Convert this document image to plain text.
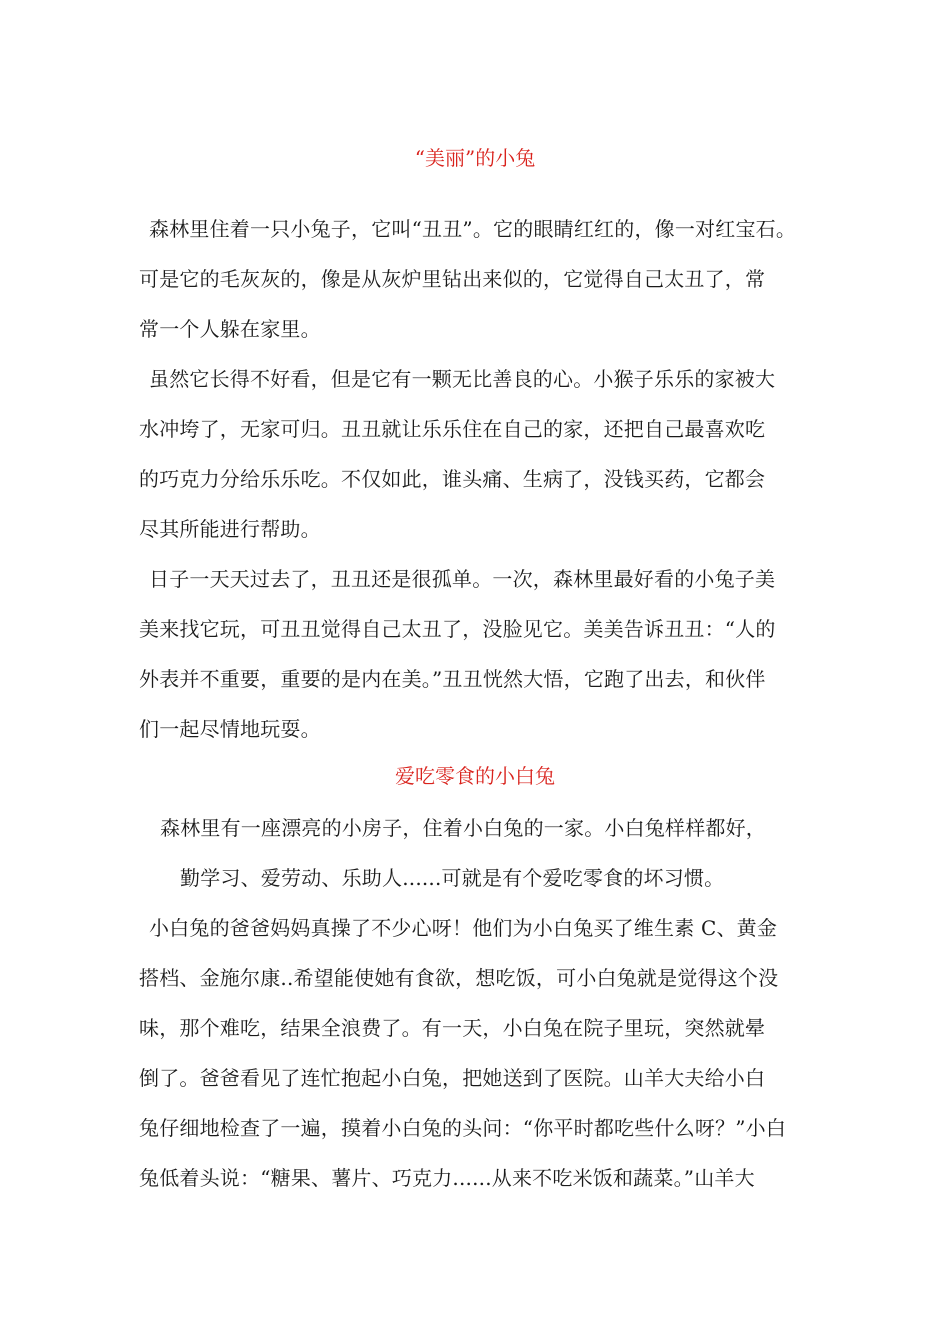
“美丽”的小兔
森林里住着一只小兔子，它叫“丑丑”。它的眼睛红红的，像一对红宝石。
可是它的毛灰灰的，像是从灰炉里钻出来似的，它觉得自己太丑了，常
常一个人躲在家里。
虽然它长得不好看，但是它有一颗无比善良的心。小猴子乐乐的家被大
水冲垮了，无家可归。丑丑就让乐乐住在自己的家，还把自己最喜欢吃
的巧克力分给乐乐吃。不仅如此，谁头痛、生病了，没钱买药，它都会
尽其所能进行帮助。
日子一天天过去了，丑丑还是很孤单。一次，森林里最好看的小兔子美
美来找它玩，可丑丑觉得自己太丑了，没脸见它。美美告诉丑丑：“人的
外表并不重要，重要的是内在美。”丑丑恍然大悟，它跑了出去，和伙伴
们一起尽情地玩耍。
爱吃零食的小白兔
森林里有一座漂亮的小房子，住着小白兔的一家。小白兔样样都好，
勤学习、爱劳动、乐助人......可就是有个爱吃零食的坏习惯。
小白兔的爸爸妈妈真操了不少心呀！他们为小白兔买了维生素 C、黄金
搭档、金施尔康..希望能使她有食欲，想吃饭，可小白兔就是觉得这个没
味，那个难吃，结果全浪费了。有一天，小白兔在院子里玩，突然就晕
倒了。爸爸看见了连忙抱起小白兔，把她送到了医院。山羊大夫给小白
兔仔细地检查了一遍，摸着小白兔的头问：“你平时都吃些什么呀？”小白
兔低着头说：“糖果、薯片、巧克力......从来不吃米饭和蔬菜。”山羊大
